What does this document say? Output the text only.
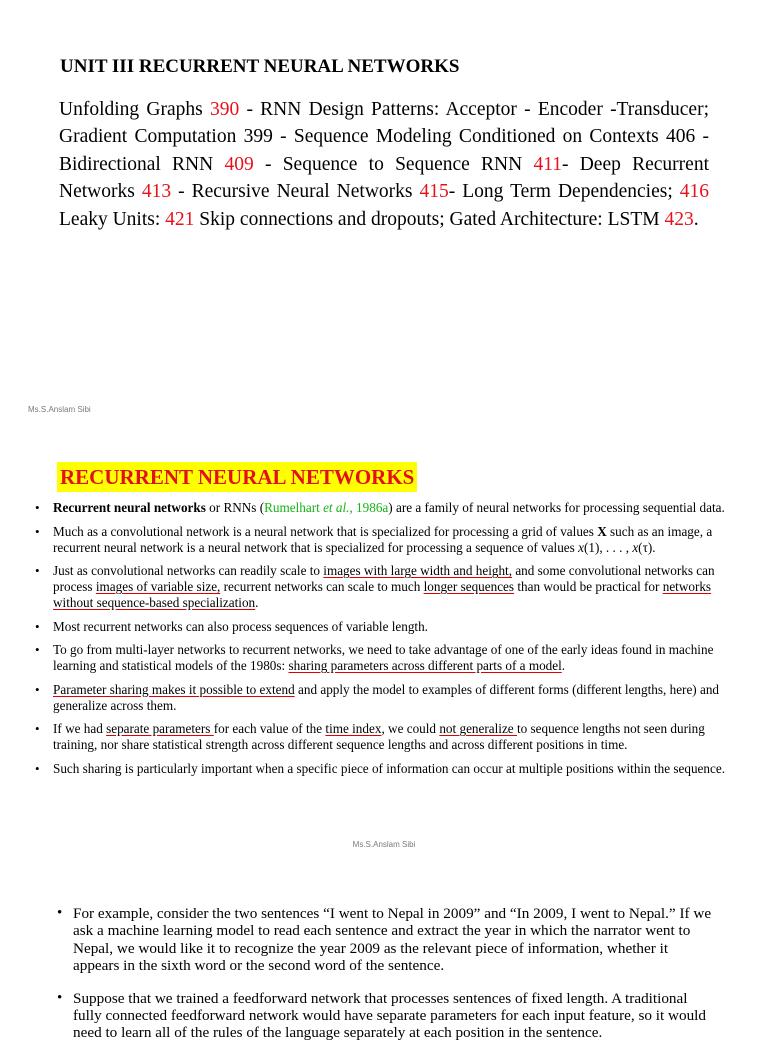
UNIT III RECURRENT NEURAL NETWORKS

Unfolding Graphs 390 - RNN Design Patterns: Acceptor - Encoder -Transducer; Gradient Computation 399 - Sequence Modeling Conditioned on Contexts 406 - Bidirectional RNN 409 - Sequence to Sequence RNN 411- Deep Recurrent Networks 413 - Recursive Neural Networks 415- Long Term Dependencies; 416 Leaky Units: 421 Skip connections and dropouts; Gated Architecture: LSTM 423.

Ms.S.Anslam Sibi
RECURRENT NEURAL NETWORKS
• Recurrent neural networks or RNNs (Rumelhart et al., 1986a) are a family of neural networks for processing sequential data.
• Much as a convolutional network is a neural network that is specialized for processing a grid of values X such as an image, a recurrent neural network is a neural network that is specialized for processing a sequence of values x(1), . . . , x(τ).
• Just as convolutional networks can readily scale to images with large width and height, and some convolutional networks can process images of variable size, recurrent networks can scale to much longer sequences than would be practical for networks without sequence-based specialization.
• Most recurrent networks can also process sequences of variable length.
• To go from multi-layer networks to recurrent networks, we need to take advantage of one of the early ideas found in machine learning and statistical models of the 1980s: sharing parameters across different parts of a model.
• Parameter sharing makes it possible to extend and apply the model to examples of different forms (different lengths, here) and generalize across them.
• If we had separate parameters for each value of the time index, we could not generalize to sequence lengths not seen during training, nor share statistical strength across different sequence lengths and across different positions in time.
• Such sharing is particularly important when a specific piece of information can occur at multiple positions within the sequence.
Ms.S.Anslam Sibi
• For example, consider the two sentences “I went to Nepal in 2009” and “In 2009, I went to Nepal.” If we ask a machine learning model to read each sentence and extract the year in which the narrator went to Nepal, we would like it to recognize the year 2009 as the relevant piece of information, whether it appears in the sixth word or the second word of the sentence.
• Suppose that we trained a feedforward network that processes sentences of fixed length. A traditional fully connected feedforward network would have separate parameters for each input feature, so it would need to learn all of the rules of the language separately at each position in the sentence.
